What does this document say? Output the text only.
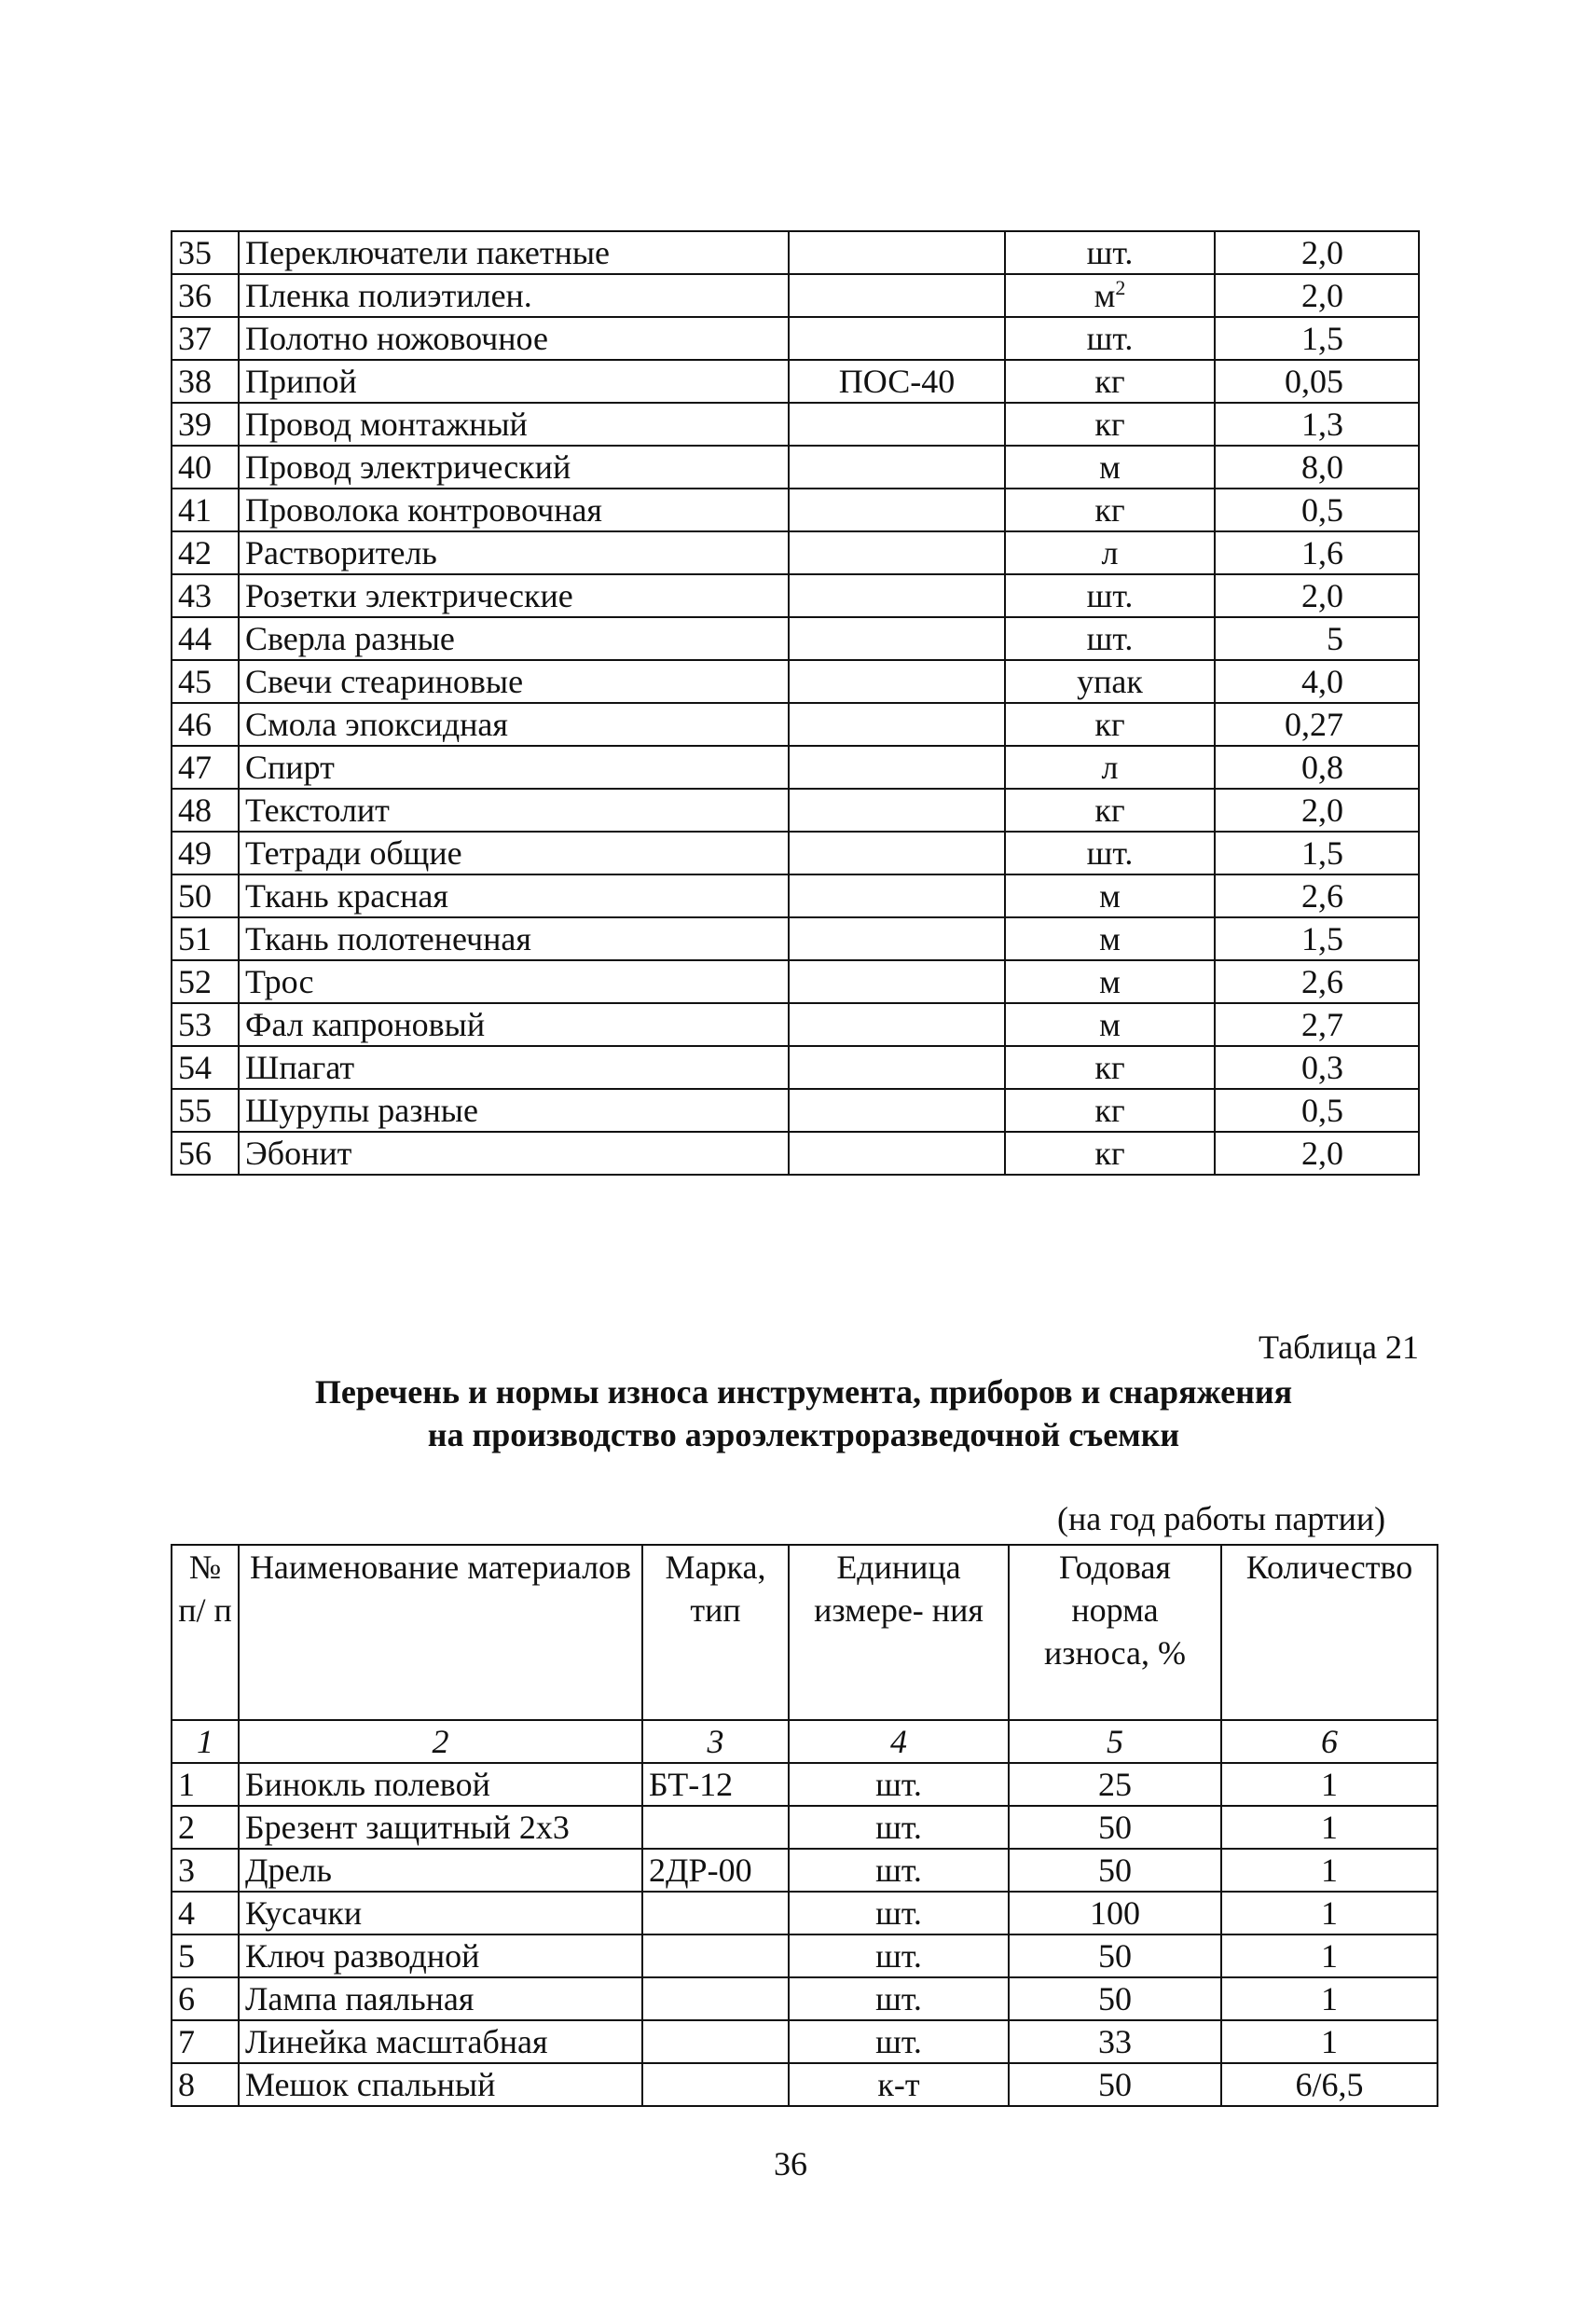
35	Переключатели пакетные		шт.	2,0
36	Пленка полиэтилен.		$м^2$	2,0
37	Полотно ножовочное		шт.	1,5
38	Припой	ПОС-40	кг	0,05
39	Провод монтажный		кг	1,3
40	Провод электрический		м	8,0
41	Проволока контровочная		кг	0,5
42	Растворитель		л	1,6
43	Розетки электрические		шт.	2,0
44	Сверла разные		шт.	5
45	Свечи стеариновые		упак	4,0
46	Смола эпоксидная		кг	0,27
47	Спирт		л	0,8
48	Текстолит		кг	2,0
49	Тетради общие		шт.	1,5
50	Ткань красная		м	2,6
51	Ткань полотенечная		м	1,5
52	Трос		м	2,6
53	Фал капроновый		м	2,7
54	Шпагат		кг	0,3
55	Шурупы разные		кг	0,5
56	Эбонит		кг	2,0
Таблица 21
Перечень и нормы износа инструмента, приборов и снаряжения
на производство аэроэлектроразведочной съемки
(на год работы партии)
№ п/ п	Наименование материалов	Марка, тип	Единица измере- ния	Годовая норма износа, %	Количество
1	2	3	4	5	6
1	Бинокль полевой	БТ-12	шт.	25	1
2	Брезент защитный 2х3		шт.	50	1
3	Дрель	2ДР-00	шт.	50	1
4	Кусачки		шт.	100	1
5	Ключ разводной		шт.	50	1
6	Лампа паяльная		шт.	50	1
7	Линейка масштабная		шт.	33	1
8	Мешок спальный		к-т	50	6/6,5
36
